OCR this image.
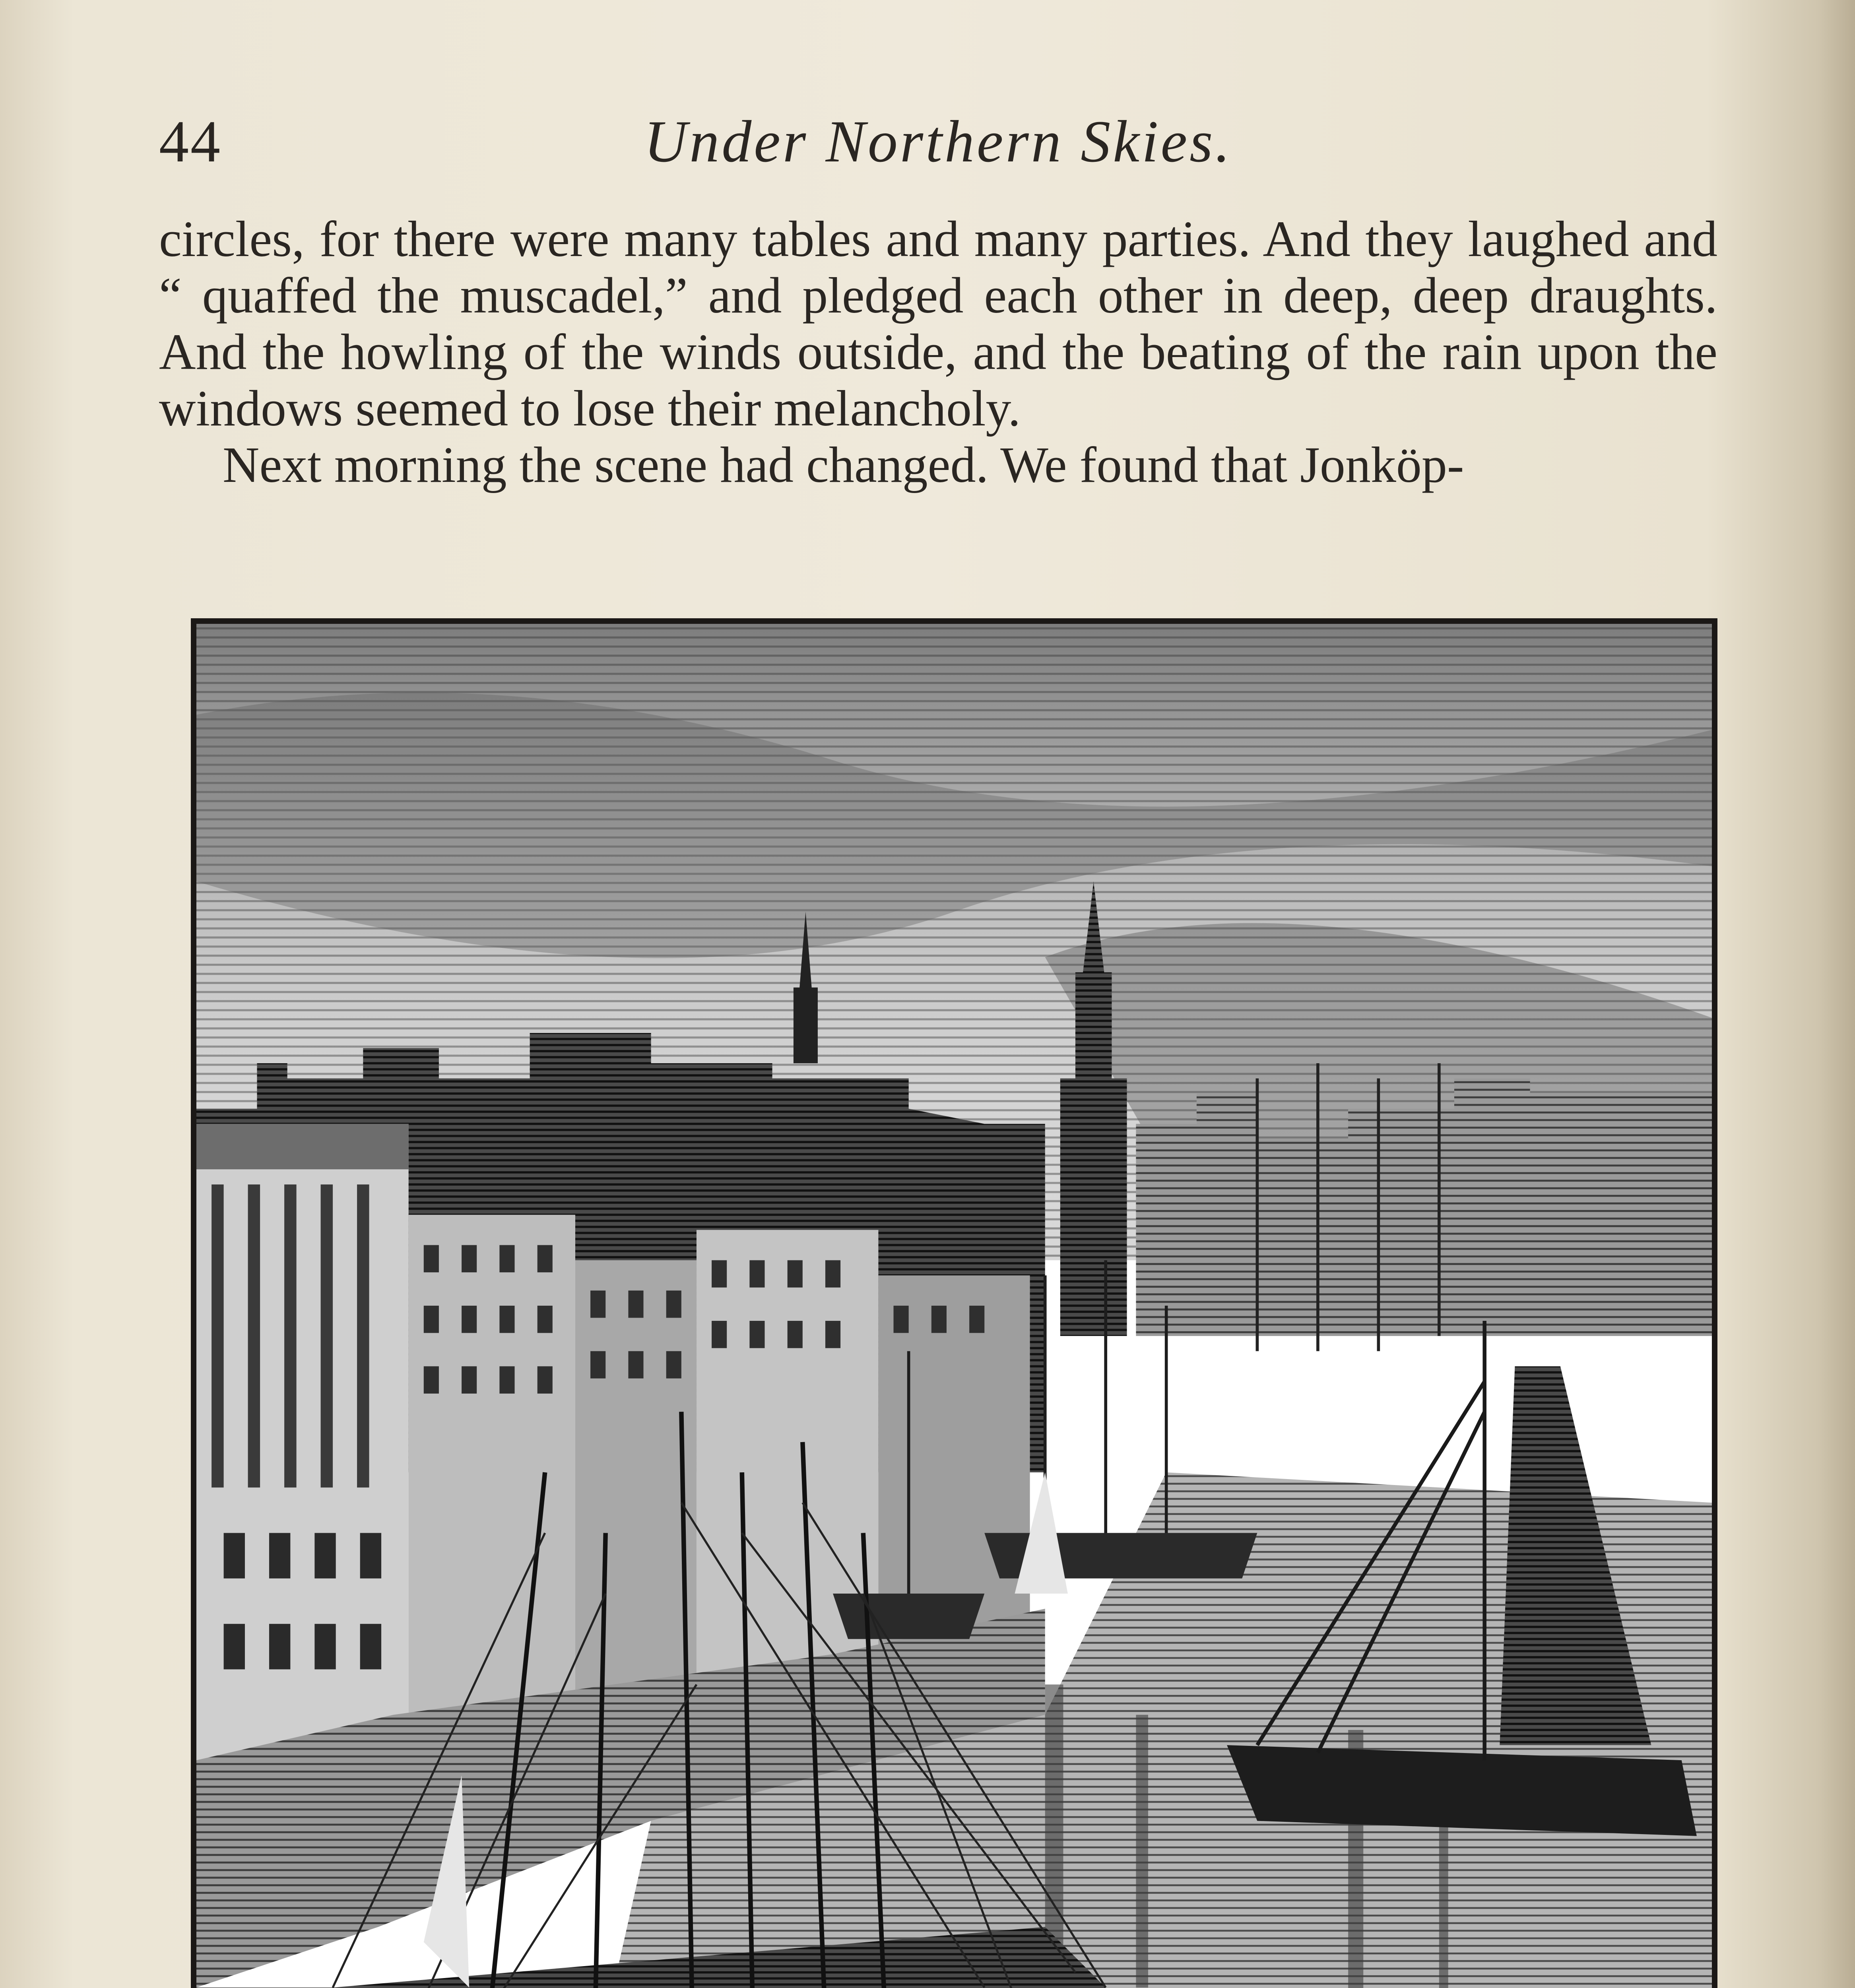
Under Northern Skies.
44

circles, for there were many tables and many parties. And they laughed and “ quaffed the muscadel,” and pledged each other in deep, deep draughts. And the howling of the winds outside, and the beating of the rain upon the windows seemed to lose their melancholy.

Next morning the scene had changed. We found that Jonköp-
